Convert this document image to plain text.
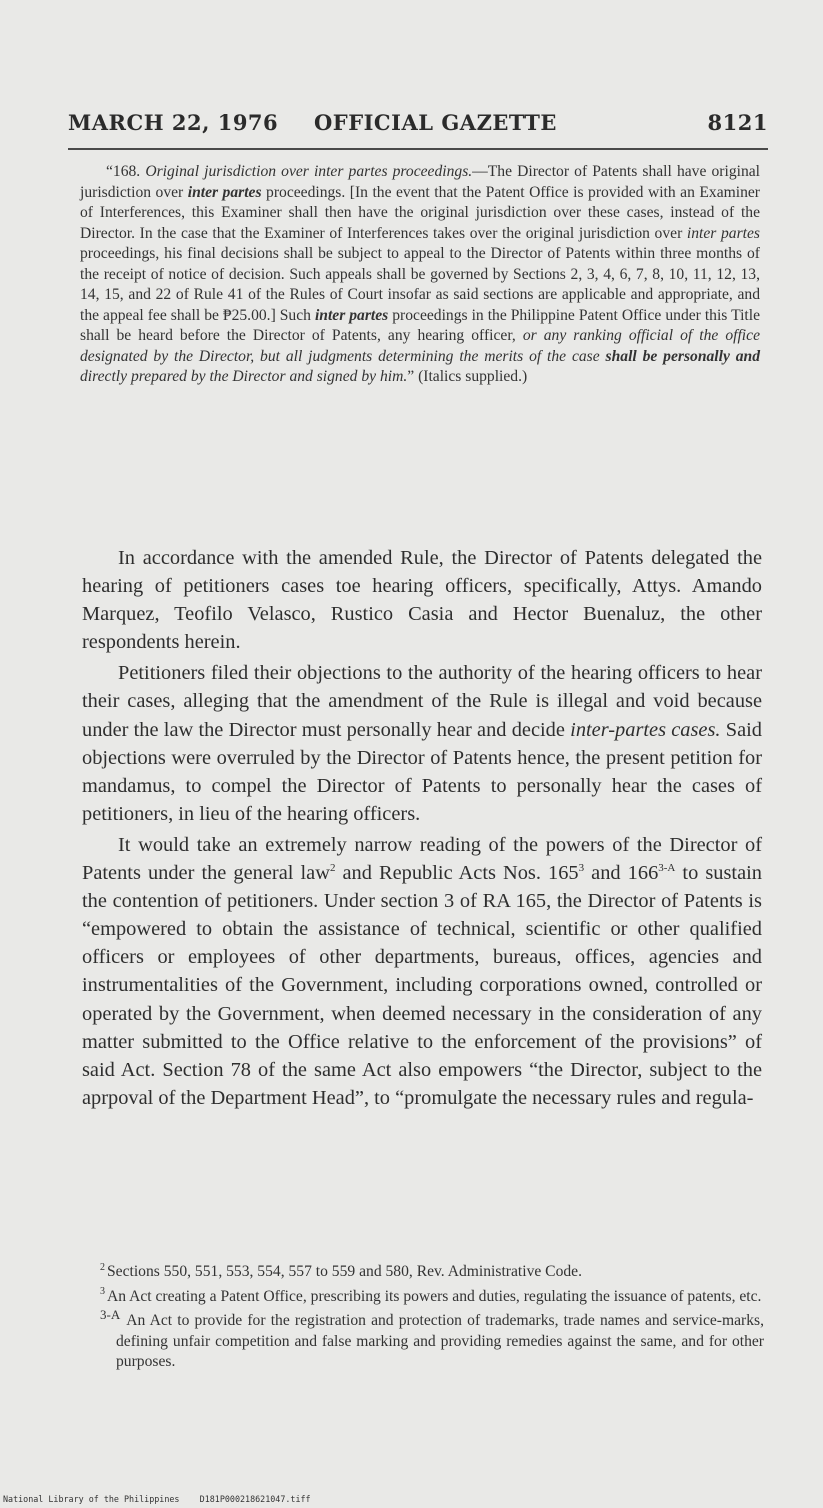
MARCH 22, 1976 OFFICIAL GAZETTE	8121

“168. Original jurisdiction over inter partes proceedings.—The Director of Patents shall have original jurisdiction over inter partes proceedings. [In the event that the Patent Office is provided with an Examiner of Interferences, this Examiner shall then have the original jurisdiction over these cases, instead of the Director. In the case that the Examiner of Interferences takes over the original jurisdiction over inter partes proceedings, his final decisions shall be subject to appeal to the Director of Patents within three months of the receipt of notice of decision. Such appeals shall be governed by Sections 2, 3, 4, 6, 7, 8, 10, 11, 12, 13, 14, 15, and 22 of Rule 41 of the Rules of Court insofar as said sections are applicable and appropriate, and the appeal fee shall be ₱25.00.] Such inter partes proceedings in the Philippine Patent Office under this Title shall be heard before the Director of Patents, any hearing officer, or any ranking official of the office designated by the Director, but all judgments determining the merits of the case shall be personally and directly prepared by the Director and signed by him.” (Italics supplied.)

In accordance with the amended Rule, the Director of Patents delegated the hearing of petitioners cases toe hearing officers, specifically, Attys. Amando Marquez, Teofilo Velasco, Rustico Casia and Hector Buenaluz, the other respondents herein.

Petitioners filed their objections to the authority of the hearing officers to hear their cases, alleging that the amendment of the Rule is illegal and void because under the law the Director must personally hear and decide inter-partes cases. Said objections were overruled by the Director of Patents hence, the present petition for mandamus, to compel the Director of Patents to personally hear the cases of petitioners, in lieu of the hearing officers.

It would take an extremely narrow reading of the powers of the Director of Patents under the general law$^2$ and Republic Acts Nos. $165^3$ and $166^{3-A}$ to sustain the contention of petitioners. Under section 3 of RA 165, the Director of Patents is “empowered to obtain the assistance of technical, scientific or other qualified officers or employees of other departments, bureaus, offices, agencies and instrumentalities of the Government, including corporations owned, controlled or operated by the Government, when deemed necessary in the consideration of any matter submitted to the Office relative to the enforcement of the provisions” of said Act. Section 78 of the same Act also empowers “the Director, subject to the aprpoval of the Department Head”, to “promulgate the necessary rules and regula-

$^2$ Sections 550, 551, 553, 554, 557 to 559 and 580, Rev. Administrative Code.

$^3$ An Act creating a Patent Office, prescribing its powers and duties, regulating the issuance of patents, etc.

$^{3-A}$ An Act to provide for the registration and protection of trademarks, trade names and service-marks, defining unfair competition and false marking and providing remedies against the same, and for other purposes.

National Library of the Philippines D181P000218621047.tiff
